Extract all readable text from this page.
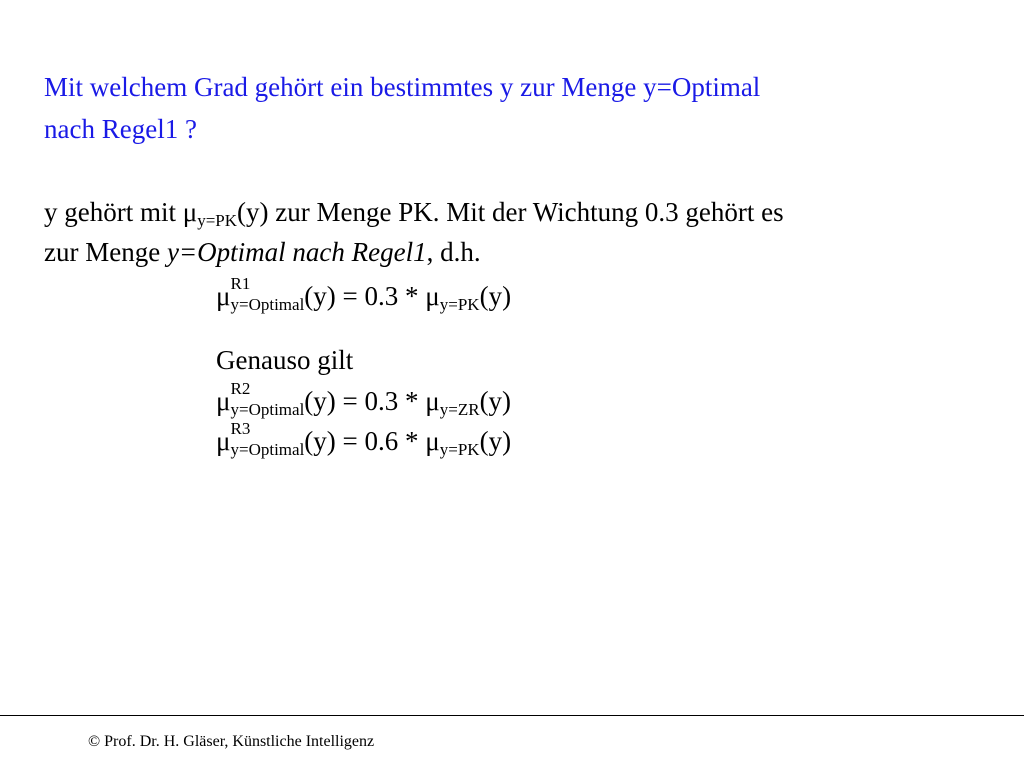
Mit welchem Grad gehört ein bestimmtes y zur Menge y=Optimal
nach Regel1 ?
y gehört mit $\mu_{y=PK}(y)$ zur Menge PK. Mit der Wichtung 0.3 gehört es
zur Menge y=Optimal nach Regel1, d.h.
μ R1
y=Optimal(y) = $0.3 * \mu_{y=PK}(y)$
Genauso gilt
μ R2
y=Optimal(y) = $0.3 * \mu_{y=ZR}(y)$
μ R3
y=Optimal(y) = $0.6 * \mu_{y=PK}(y)$
© Prof. Dr. H. Gläser, Künstliche Intelligenz
